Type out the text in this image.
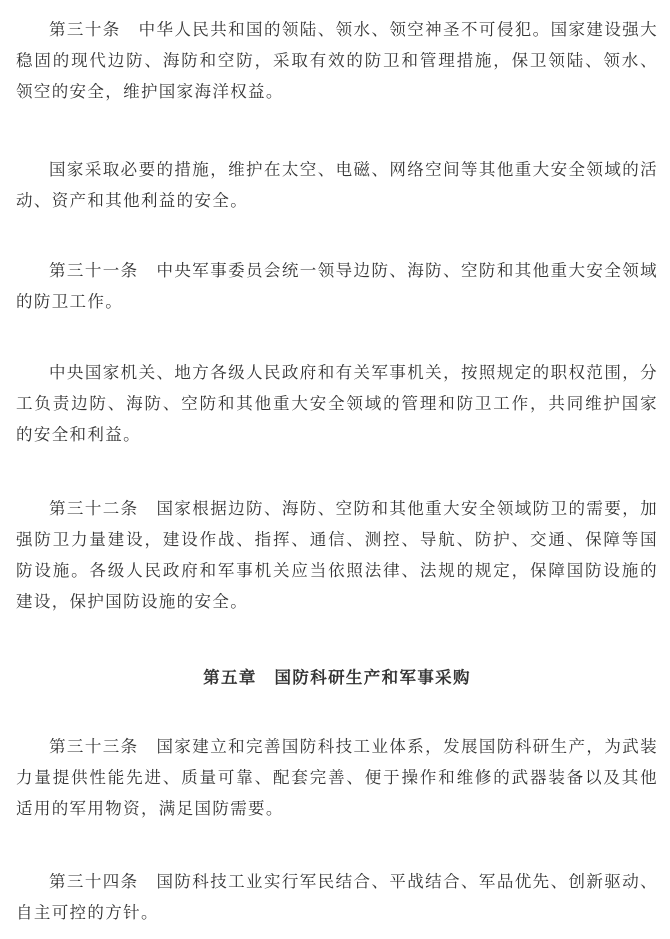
第三十条　中华人民共和国的领陆、领水、领空神圣不可侵犯。国家建设强大稳固的现代边防、海防和空防，采取有效的防卫和管理措施，保卫领陆、领水、领空的安全，维护国家海洋权益。

国家采取必要的措施，维护在太空、电磁、网络空间等其他重大安全领域的活动、资产和其他利益的安全。

第三十一条　中央军事委员会统一领导边防、海防、空防和其他重大安全领域的防卫工作。

中央国家机关、地方各级人民政府和有关军事机关，按照规定的职权范围，分工负责边防、海防、空防和其他重大安全领域的管理和防卫工作，共同维护国家的安全和利益。

第三十二条　国家根据边防、海防、空防和其他重大安全领域防卫的需要，加强防卫力量建设，建设作战、指挥、通信、测控、导航、防护、交通、保障等国防设施。各级人民政府和军事机关应当依照法律、法规的规定，保障国防设施的建设，保护国防设施的安全。

第五章　国防科研生产和军事采购

第三十三条　国家建立和完善国防科技工业体系，发展国防科研生产，为武装力量提供性能先进、质量可靠、配套完善、便于操作和维修的武器装备以及其他适用的军用物资，满足国防需要。

第三十四条　国防科技工业实行军民结合、平战结合、军品优先、创新驱动、自主可控的方针。
